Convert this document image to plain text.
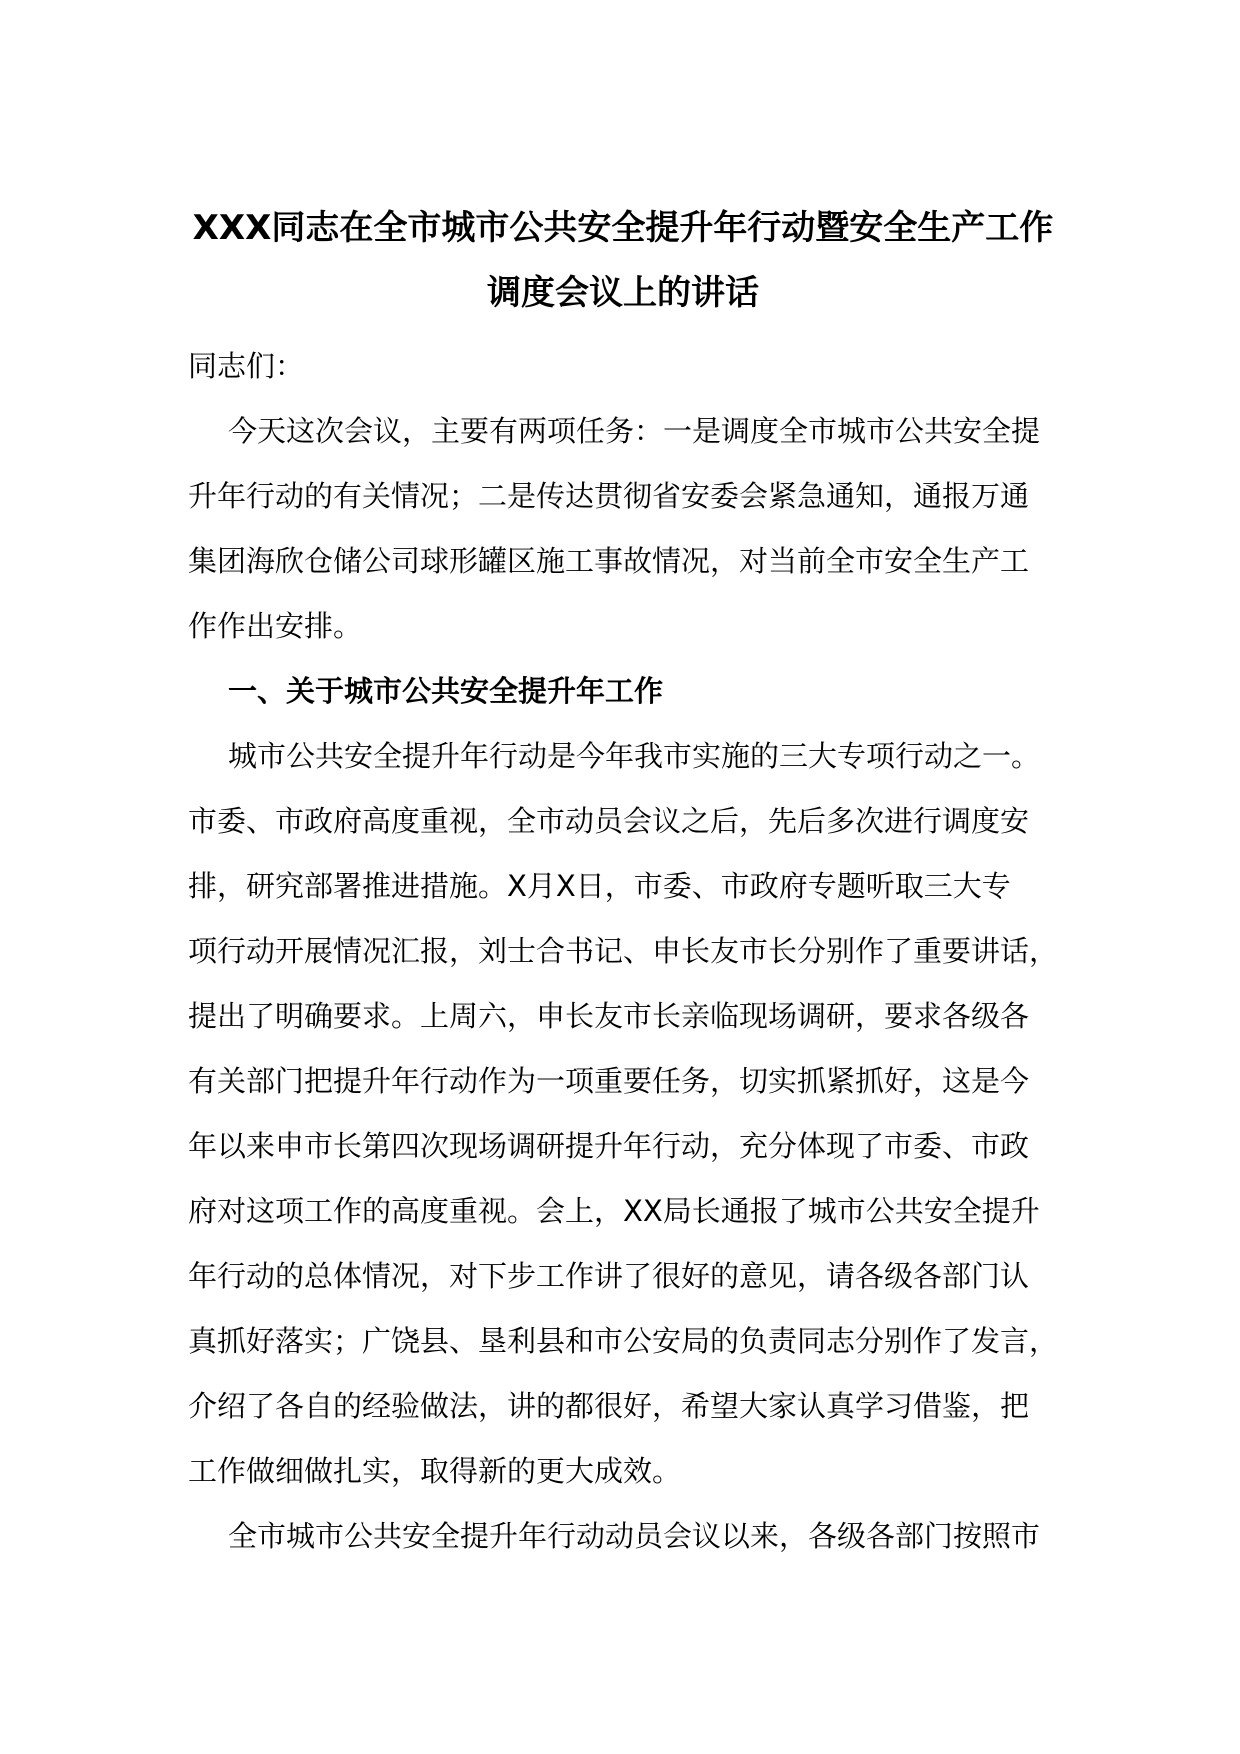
XXX同志在全市城市公共安全提升年行动暨安全生产工作
调度会议上的讲话
同志们：
今天这次会议，主要有两项任务：一是调度全市城市公共安全提
升年行动的有关情况；二是传达贯彻省安委会紧急通知，通报万通
集团海欣仓储公司球形罐区施工事故情况，对当前全市安全生产工
作作出安排。
一、关于城市公共安全提升年工作
城市公共安全提升年行动是今年我市实施的三大专项行动之一。
市委、市政府高度重视，全市动员会议之后，先后多次进行调度安
排，研究部署推进措施。X月X日，市委、市政府专题听取三大专
项行动开展情况汇报，刘士合书记、申长友市长分别作了重要讲话，
提出了明确要求。上周六，申长友市长亲临现场调研，要求各级各
有关部门把提升年行动作为一项重要任务，切实抓紧抓好，这是今
年以来申市长第四次现场调研提升年行动，充分体现了市委、市政
府对这项工作的高度重视。会上，XX局长通报了城市公共安全提升
年行动的总体情况，对下步工作讲了很好的意见，请各级各部门认
真抓好落实；广饶县、垦利县和市公安局的负责同志分别作了发言，
介绍了各自的经验做法，讲的都很好，希望大家认真学习借鉴，把
工作做细做扎实，取得新的更大成效。
全市城市公共安全提升年行动动员会议以来，各级各部门按照市
